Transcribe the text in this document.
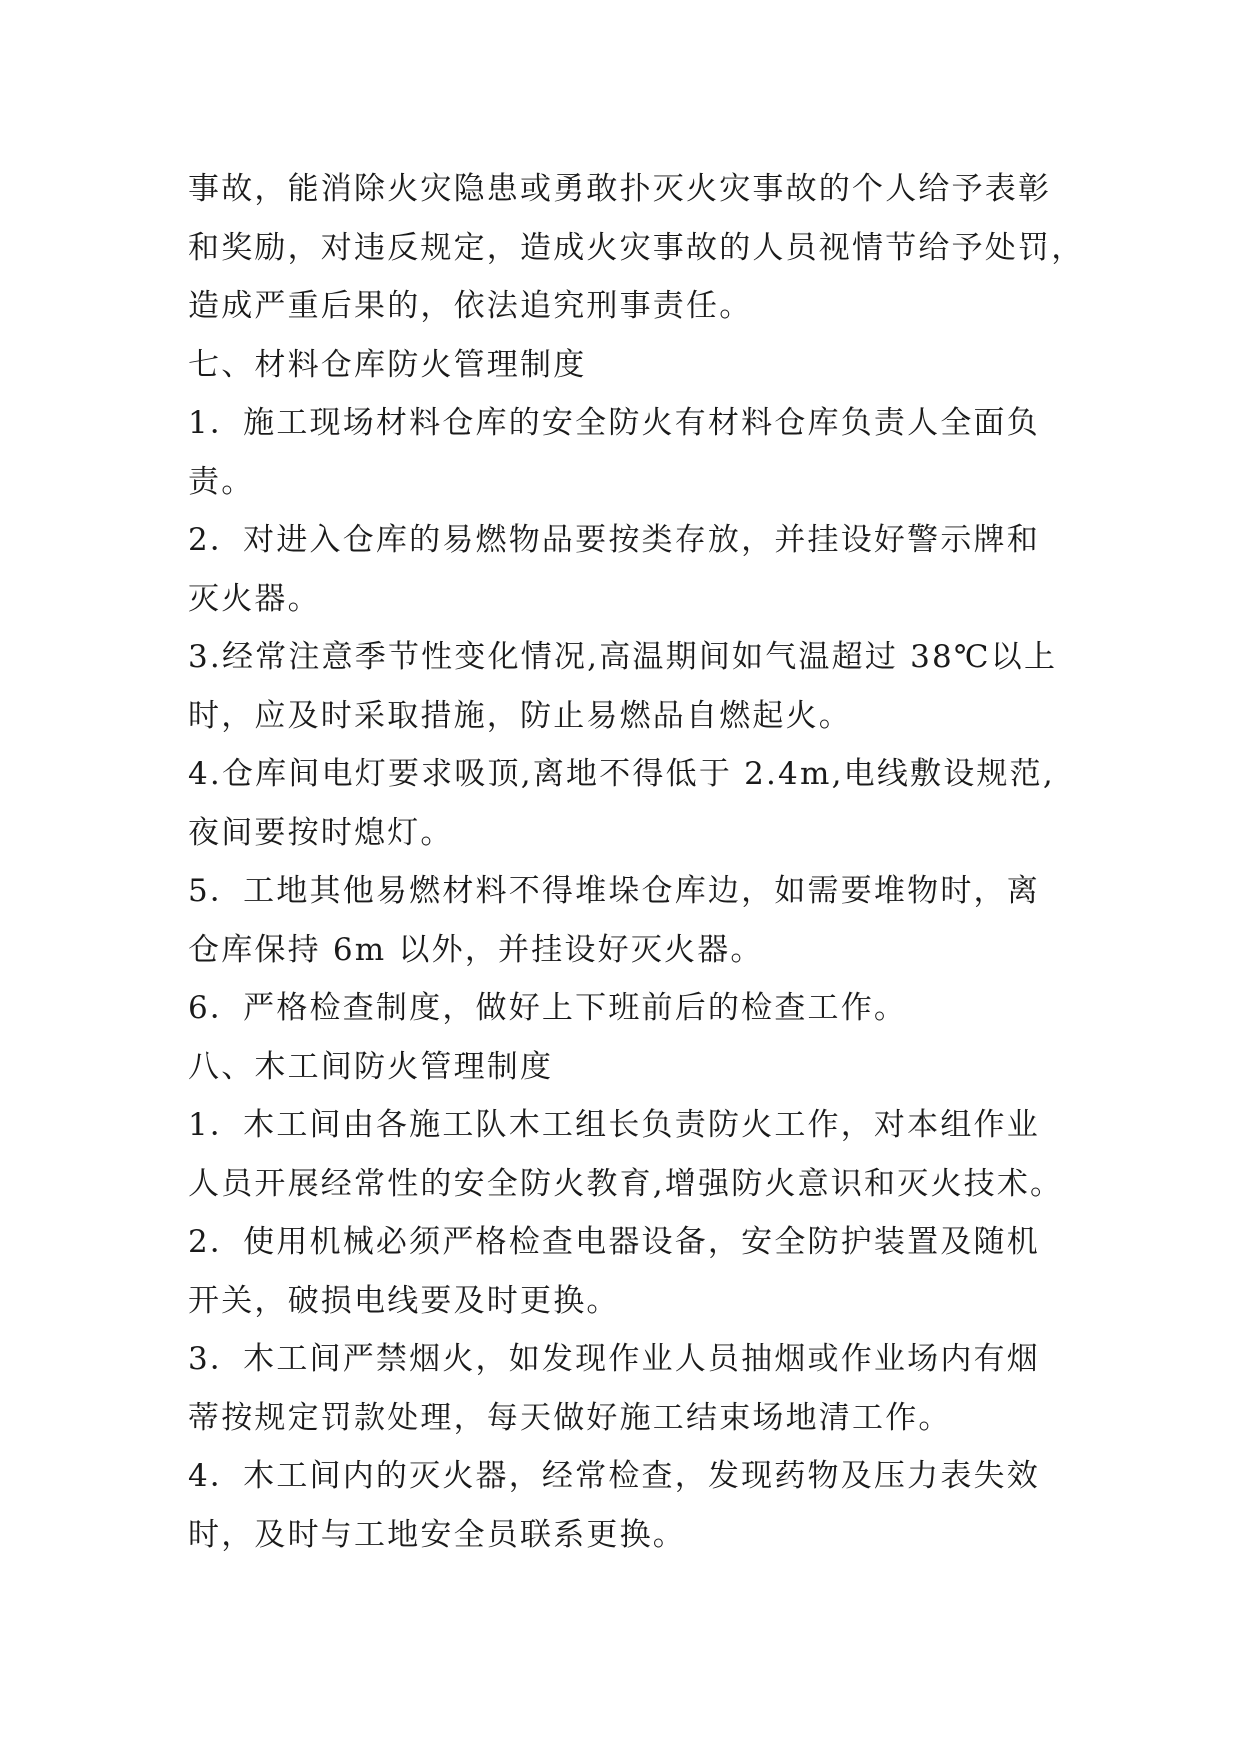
事故，能消除火灾隐患或勇敢扑灭火灾事故的个人给予表彰

和奖励，对违反规定，造成火灾事故的人员视情节给予处罚，

造成严重后果的，依法追究刑事责任。

七、材料仓库防火管理制度

1．施工现场材料仓库的安全防火有材料仓库负责人全面负

责。

2．对进入仓库的易燃物品要按类存放，并挂设好警示牌和

灭火器。

3.经常注意季节性变化情况,高温期间如气温超过 38℃以上

时，应及时采取措施，防止易燃品自燃起火。

4.仓库间电灯要求吸顶,离地不得低于 2.4m,电线敷设规范,

夜间要按时熄灯。

5．工地其他易燃材料不得堆垛仓库边，如需要堆物时，离

仓库保持 6m 以外，并挂设好灭火器。

6．严格检查制度，做好上下班前后的检查工作。

八、木工间防火管理制度

1．木工间由各施工队木工组长负责防火工作，对本组作业

人员开展经常性的安全防火教育,增强防火意识和灭火技术。

2．使用机械必须严格检查电器设备，安全防护装置及随机

开关，破损电线要及时更换。

3．木工间严禁烟火，如发现作业人员抽烟或作业场内有烟

蒂按规定罚款处理，每天做好施工结束场地清工作。

4．木工间内的灭火器，经常检查，发现药物及压力表失效

时，及时与工地安全员联系更换。
